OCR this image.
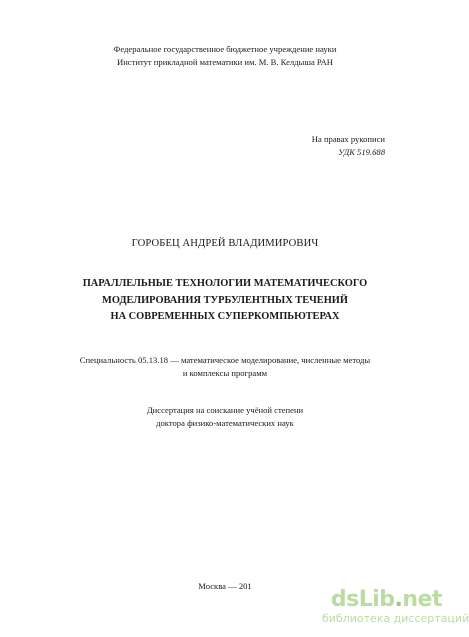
Федеральное государственное бюджетное учреждение науки
Институт прикладной математики им. М. В. Келдыша РАН
На правах рукописи
УДК 519.688
ГОРОБЕЦ АНДРЕЙ ВЛАДИМИРОВИЧ
ПАРАЛЛЕЛЬНЫЕ ТЕХНОЛОГИИ МАТЕМАТИЧЕСКОГО
МОДЕЛИРОВАНИЯ ТУРБУЛЕНТНЫХ ТЕЧЕНИЙ
НА СОВРЕМЕННЫХ СУПЕРКОМПЬЮТЕРАХ
Специальность 05.13.18 — математическое моделирование, численные методы
и комплексы программ
Диссертация на соискание учёной степени
доктора физико-математических наук
Москва — 201
dsLib.net
библиотека диссертаций
